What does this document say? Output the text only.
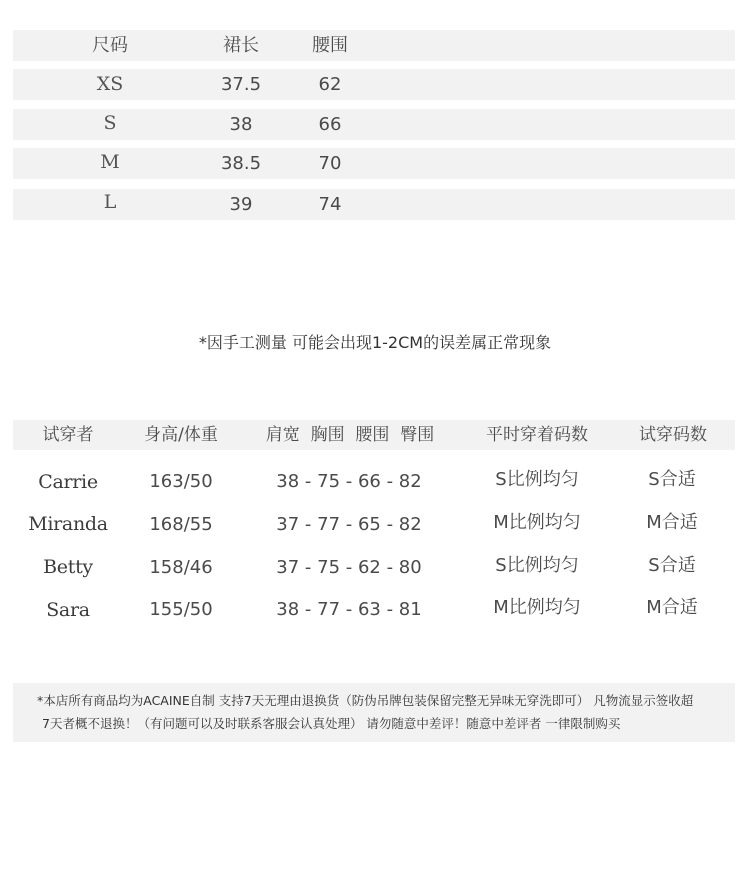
尺码	裙长	腰围
XS	37.5	62
S	38	66
M	38.5	70
L	39	74
*因手工测量 可能会出现1-2CM的误差属正常现象
试穿者	身高/体重	肩宽  胸围  腰围  臀围	平时穿着码数	试穿码数
Carrie	163/50	38 - 75 - 66 - 82	S比例均匀	S合适
Miranda 168/55	37 - 77 - 65 - 82	M比例均匀	M合适
Betty	158/46	37 - 75 - 62 - 80	S比例均匀	S合适
Sara	155/50	38 - 77 - 63 - 81	M比例均匀	M合适

*本店所有商品均为ACAINE自制 支持7天无理由退换货（防伪吊牌包装保留完整无异味无穿洗即可） 凡物流显示签收超

7天者概不退换！（有问题可以及时联系客服会认真处理） 请勿随意中差评！随意中差评者 一律限制购买
